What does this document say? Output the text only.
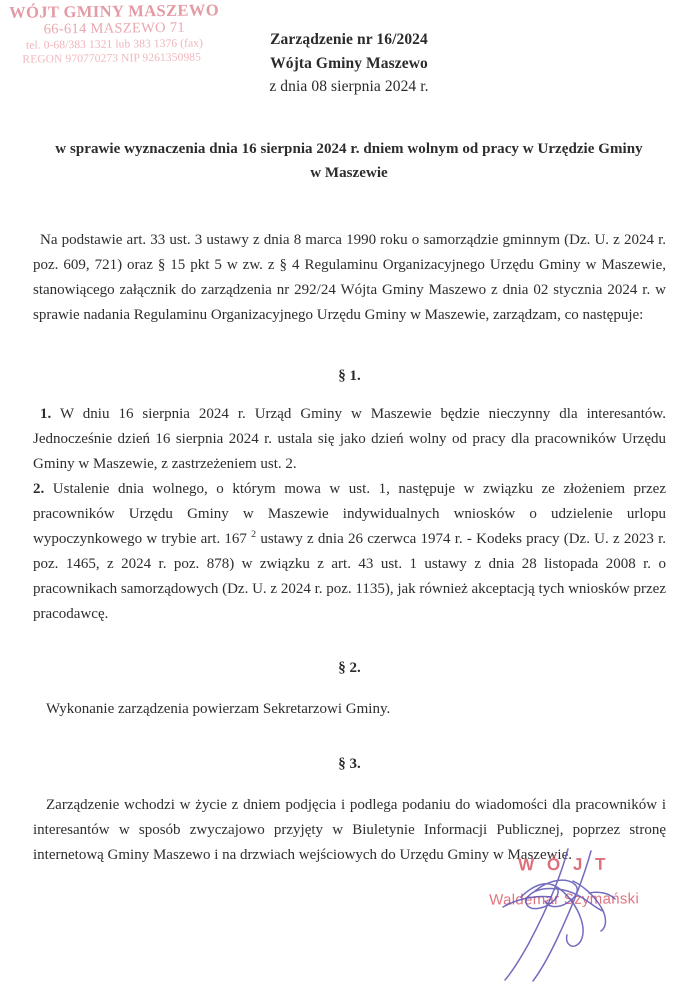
WÓJT GMINY MASZEWO
66-614 MASZEWO 71
tel. 0-68/383 1321 lub 383 1376 (fax)
REGON 970770273 NIP 9261350985
Zarządzenie nr 16/2024
Wójta Gminy Maszewo
z dnia 08 sierpnia 2024 r.
w sprawie wyznaczenia dnia 16 sierpnia 2024 r. dniem wolnym od pracy w Urzędzie Gminy w Maszewie

Na podstawie art. 33 ust. 3 ustawy z dnia 8 marca 1990 roku o samorządzie gminnym (Dz. U. z 2024 r. poz. 609, 721) oraz § 15 pkt 5 w zw. z § 4 Regulaminu Organizacyjnego Urzędu Gminy w Maszewie, stanowiącego załącznik do zarządzenia nr 292/24 Wójta Gminy Maszewo z dnia 02 stycznia 2024 r. w sprawie nadania Regulaminu Organizacyjnego Urzędu Gminy w Maszewie, zarządzam, co następuje:

§ 1.

1. W dniu 16 sierpnia 2024 r. Urząd Gminy w Maszewie będzie nieczynny dla interesantów. Jednocześnie dzień 16 sierpnia 2024 r. ustala się jako dzień wolny od pracy dla pracowników Urzędu Gminy w Maszewie, z zastrzeżeniem ust. 2.

2. Ustalenie dnia wolnego, o którym mowa w ust. 1, następuje w związku ze złożeniem przez pracowników Urzędu Gminy w Maszewie indywidualnych wniosków o udzielenie urlopu wypoczynkowego w trybie art. 167 $^2$ ustawy z dnia 26 czerwca 1974 r. - Kodeks pracy (Dz. U. z 2023 r. poz. 1465, z 2024 r. poz. 878) w związku z art. 43 ust. 1 ustawy z dnia 28 listopada 2008 r. o pracownikach samorządowych (Dz. U. z 2024 r. poz. 1135), jak również akceptacją tych wniosków przez pracodawcę.

§ 2.

Wykonanie zarządzenia powierzam Sekretarzowi Gminy.

§ 3.

Zarządzenie wchodzi w życie z dniem podjęcia i podlega podaniu do wiadomości dla pracowników i interesantów w sposób zwyczajowo przyjęty w Biuletynie Informacji Publicznej, poprzez stronę internetową Gminy Maszewo i na drzwiach wejściowych do Urzędu Gminy w Maszewie.

W Ó J T
Waldemar Szymański
